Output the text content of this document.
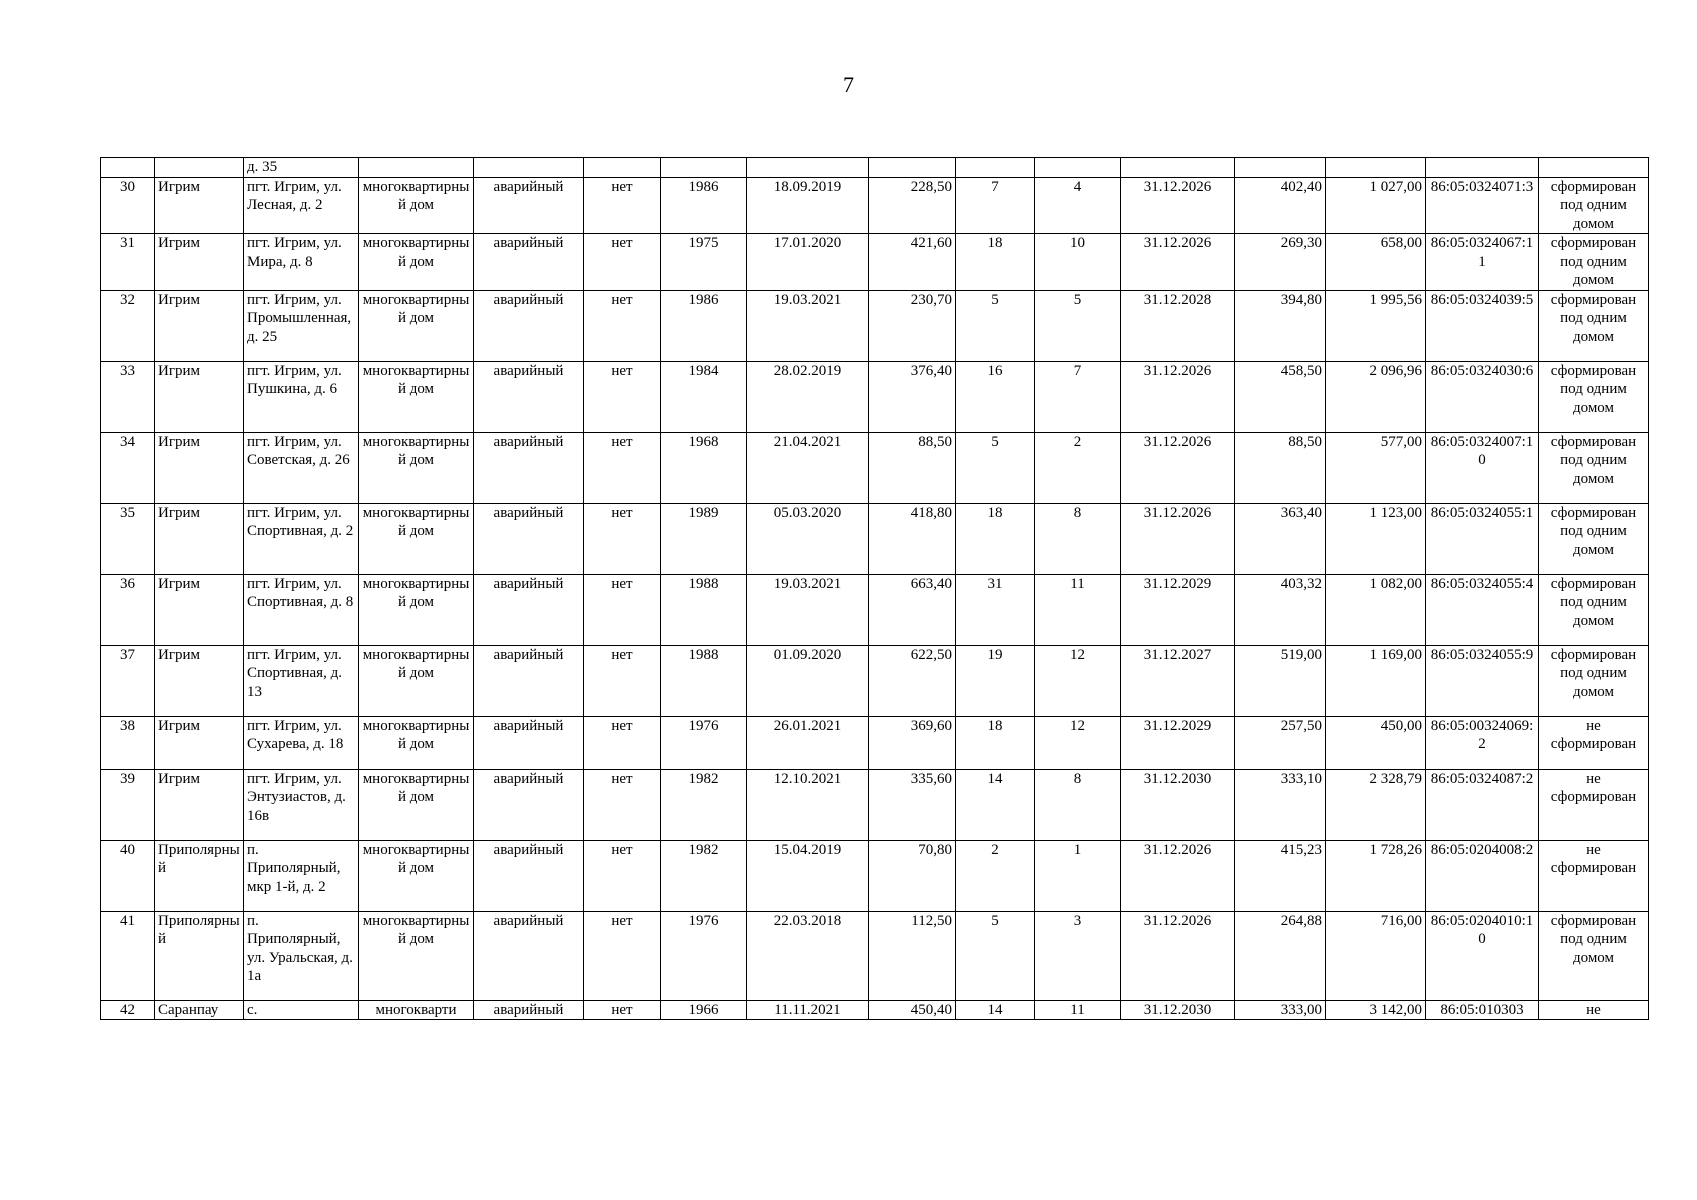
7
		д. 35													
30	Игрим	пгт. Игрим, ул. Лесная, д. 2	многоквартирный дом	аварийный	нет	1986	18.09.2019	228,50	7	4	31.12.2026	402,40	1 027,00	86:05:0324071:3	сформирован под одним домом
31	Игрим	пгт. Игрим, ул. Мира, д. 8	многоквартирный дом	аварийный	нет	1975	17.01.2020	421,60	18	10	31.12.2026	269,30	658,00	86:05:0324067:11	сформирован под одним домом
32	Игрим	пгт. Игрим, ул. Промышленная, д. 25	многоквартирный дом	аварийный	нет	1986	19.03.2021	230,70	5	5	31.12.2028	394,80	1 995,56	86:05:0324039:5	сформирован под одним домом
33	Игрим	пгт. Игрим, ул. Пушкина, д. 6	многоквартирный дом	аварийный	нет	1984	28.02.2019	376,40	16	7	31.12.2026	458,50	2 096,96	86:05:0324030:6	сформирован под одним домом
34	Игрим	пгт. Игрим, ул. Советская, д. 26	многоквартирный дом	аварийный	нет	1968	21.04.2021	88,50	5	2	31.12.2026	88,50	577,00	86:05:0324007:10	сформирован под одним домом
35	Игрим	пгт. Игрим, ул. Спортивная, д. 2	многоквартирный дом	аварийный	нет	1989	05.03.2020	418,80	18	8	31.12.2026	363,40	1 123,00	86:05:0324055:1	сформирован под одним домом
36	Игрим	пгт. Игрим, ул. Спортивная, д. 8	многоквартирный дом	аварийный	нет	1988	19.03.2021	663,40	31	11	31.12.2029	403,32	1 082,00	86:05:0324055:4	сформирован под одним домом
37	Игрим	пгт. Игрим, ул. Спортивная, д. 13	многоквартирный дом	аварийный	нет	1988	01.09.2020	622,50	19	12	31.12.2027	519,00	1 169,00	86:05:0324055:9	сформирован под одним домом
38	Игрим	пгт. Игрим, ул. Сухарева, д. 18	многоквартирный дом	аварийный	нет	1976	26.01.2021	369,60	18	12	31.12.2029	257,50	450,00	86:05:00324069:2	не сформирован
39	Игрим	пгт. Игрим, ул. Энтузиастов, д. 16в	многоквартирный дом	аварийный	нет	1982	12.10.2021	335,60	14	8	31.12.2030	333,10	2 328,79	86:05:0324087:2	не сформирован
40	Приполярный	п. Приполярный, мкр 1-й, д. 2	многоквартирный дом	аварийный	нет	1982	15.04.2019	70,80	2	1	31.12.2026	415,23	1 728,26	86:05:0204008:2	не сформирован
41	Приполярный	п. Приполярный, ул. Уральская, д. 1а	многоквартирный дом	аварийный	нет	1976	22.03.2018	112,50	5	3	31.12.2026	264,88	716,00	86:05:0204010:10	сформирован под одним домом
42	Саранпау	с.	многокварти	аварийный	нет	1966	11.11.2021	450,40	14	11	31.12.2030	333,00	3 142,00	86:05:010303	не
